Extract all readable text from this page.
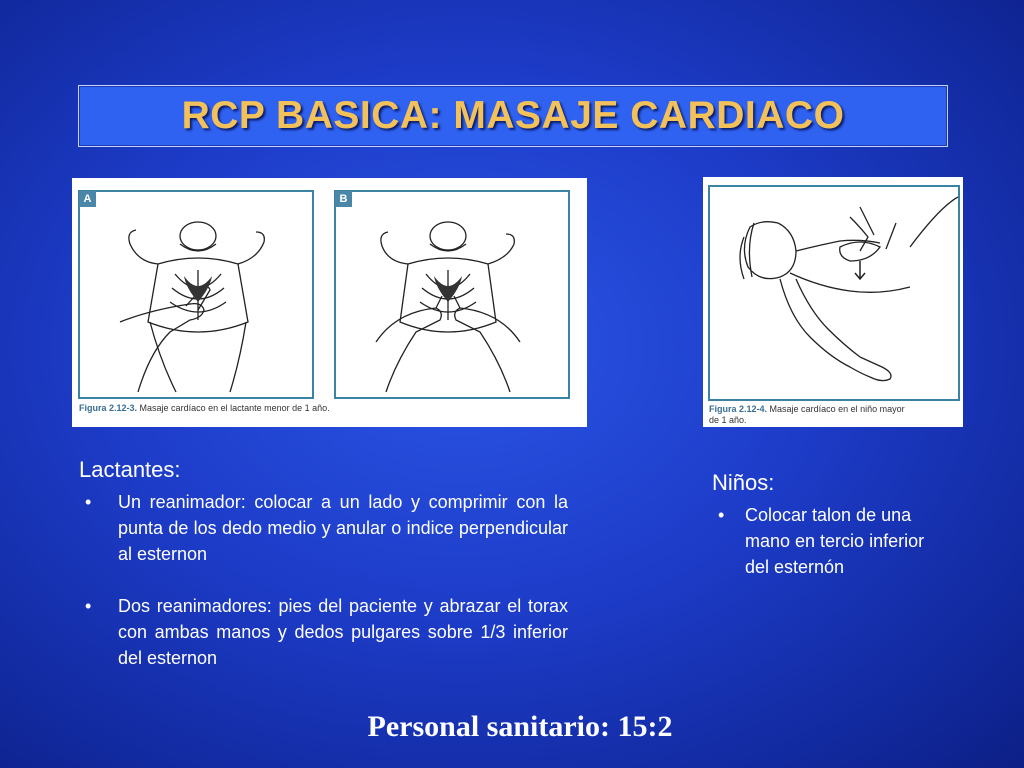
RCP BASICA: MASAJE CARDIACO
A	B
Figura 2.12-3. Masaje cardíaco en el lactante menor de 1 año.	Figura 2.12-4. Masaje cardíaco en el niño mayor
de 1 año.
Lactantes:
• Un reanimador: colocar a un lado y comprimir con la punta de los dedo medio y anular o indice perpendicular al esternon
• Dos reanimadores: pies del paciente y abrazar el torax con ambas manos y dedos pulgares sobre 1/3 inferior del esternon
Niños:
• Colocar talon de una mano en tercio inferior del esternón
Personal sanitario: 15:2
